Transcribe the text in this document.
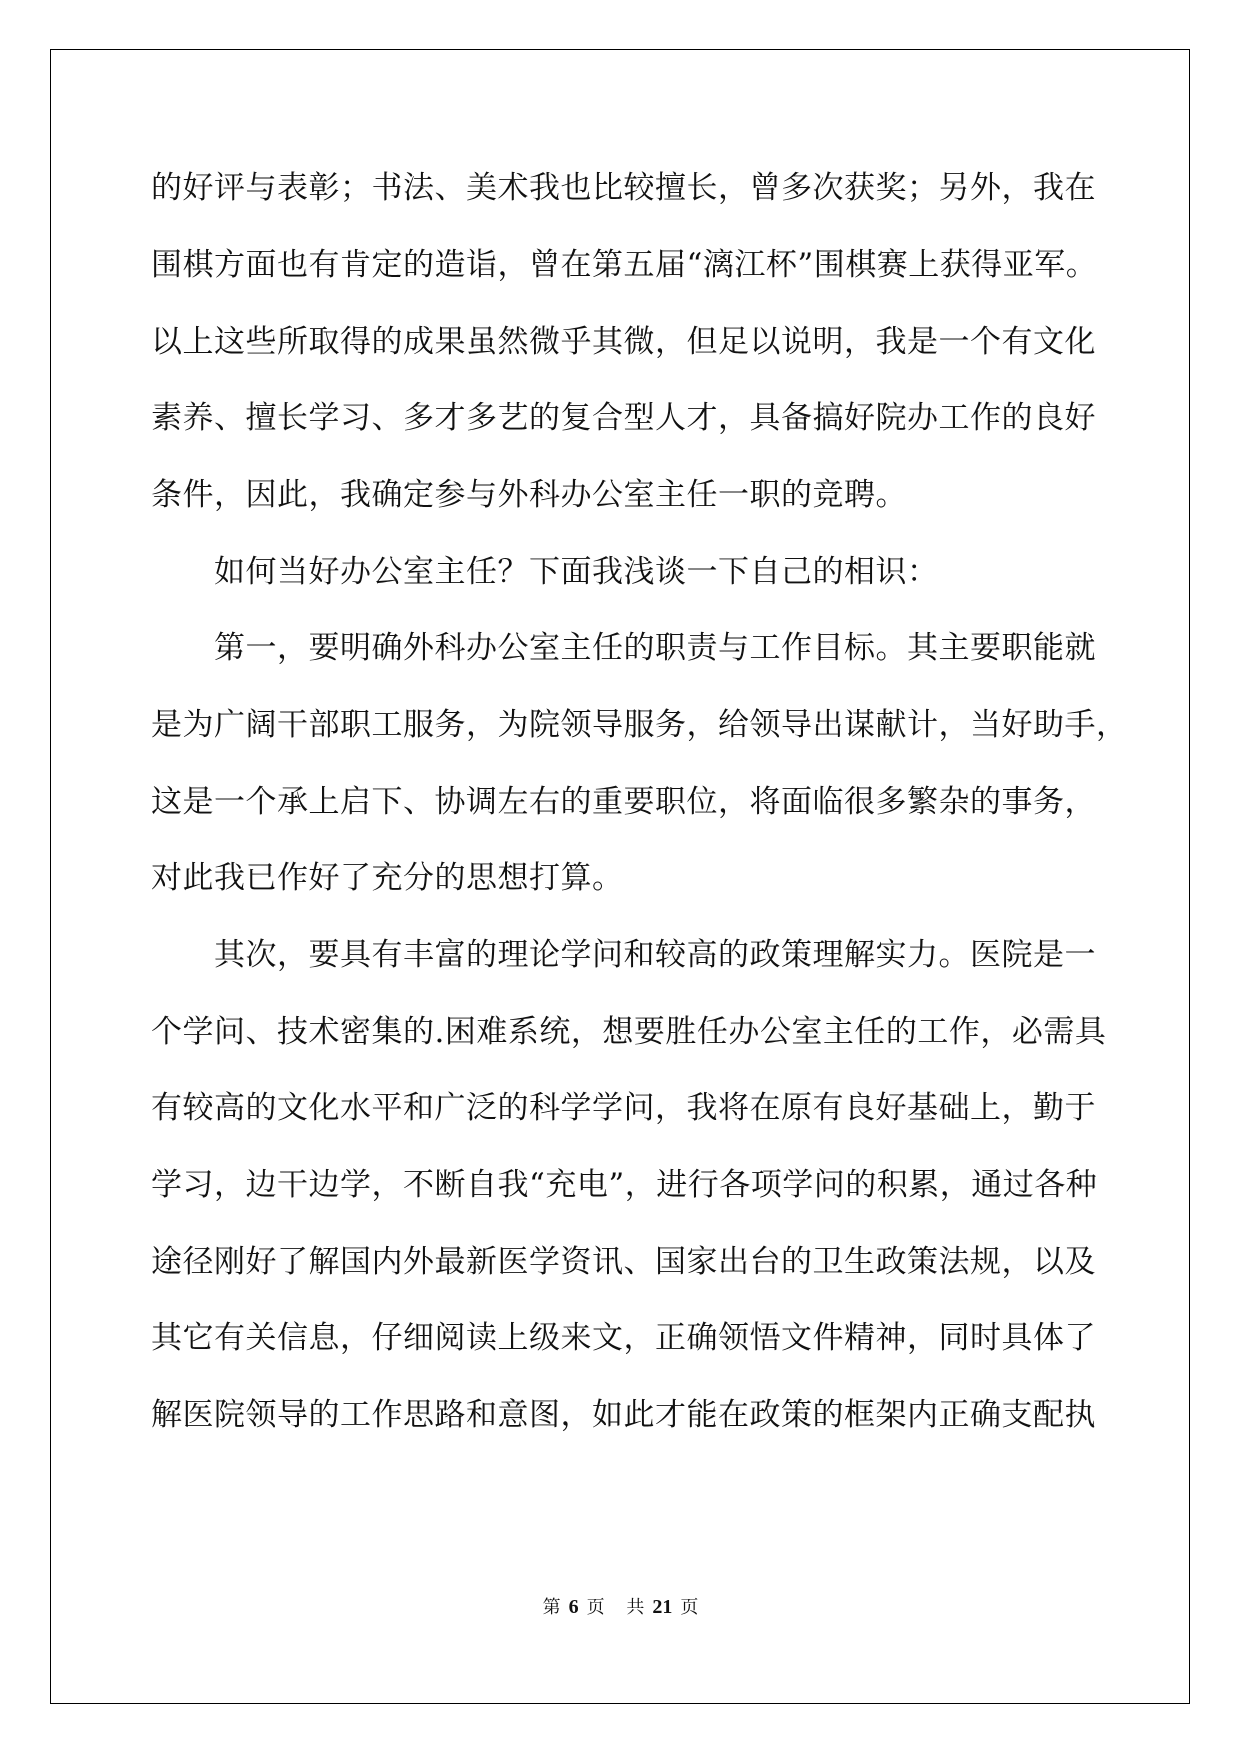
的好评与表彰；书法、美术我也比较擅长，曾多次获奖；另外，我在
围棋方面也有肯定的造诣，曾在第五届“漓江杯”围棋赛上获得亚军。
以上这些所取得的成果虽然微乎其微，但足以说明，我是一个有文化
素养、擅长学习、多才多艺的复合型人才，具备搞好院办工作的良好
条件，因此，我确定参与外科办公室主任一职的竞聘。
　　如何当好办公室主任？下面我浅谈一下自己的相识：
　　第一，要明确外科办公室主任的职责与工作目标。其主要职能就
是为广阔干部职工服务，为院领导服务，给领导出谋献计，当好助手，
这是一个承上启下、协调左右的重要职位，将面临很多繁杂的事务，
对此我已作好了充分的思想打算。
　　其次，要具有丰富的理论学问和较高的政策理解实力。医院是一
个学问、技术密集的.困难系统，想要胜任办公室主任的工作，必需具
有较高的文化水平和广泛的科学学问，我将在原有良好基础上，勤于
学习，边干边学，不断自我“充电”，进行各项学问的积累，通过各种
途径刚好了解国内外最新医学资讯、国家出台的卫生政策法规，以及
其它有关信息，仔细阅读上级来文，正确领悟文件精神，同时具体了
解医院领导的工作思路和意图，如此才能在政策的框架内正确支配执
第 6 页 共 21 页
